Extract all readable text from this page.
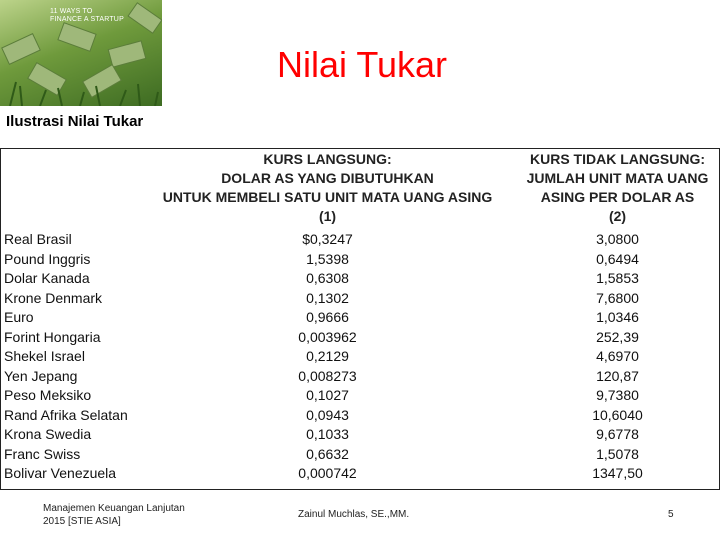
11 WAYS TO
FINANCE A STARTUP
Nilai Tukar
Ilustrasi Nilai Tukar
KURS LANGSUNG:
DOLAR AS YANG DIBUTUHKAN
UNTUK MEMBELI SATU UNIT MATA UANG ASING
(1)
KURS TIDAK LANGSUNG:
JUMLAH UNIT MATA UANG
ASING PER DOLAR AS
(2)
Real Brasil	$0,3247	3,0800
Pound Inggris	1,5398	0,6494
Dolar Kanada	0,6308	1,5853
Krone Denmark	0,1302	7,6800
Euro	0,9666	1,0346
Forint Hongaria	0,003962	252,39
Shekel Israel	0,2129	4,6970
Yen Jepang	0,008273	120,87
Peso Meksiko	0,1027	9,7380
Rand Afrika Selatan	0,0943	10,6040
Krona Swedia	0,1033	9,6778
Franc Swiss	0,6632	1,5078
Bolivar Venezuela	0,000742	1347,50
Manajemen Keuangan Lanjutan
2015 [STIE ASIA]
Zainul Muchlas, SE.,MM.	5
